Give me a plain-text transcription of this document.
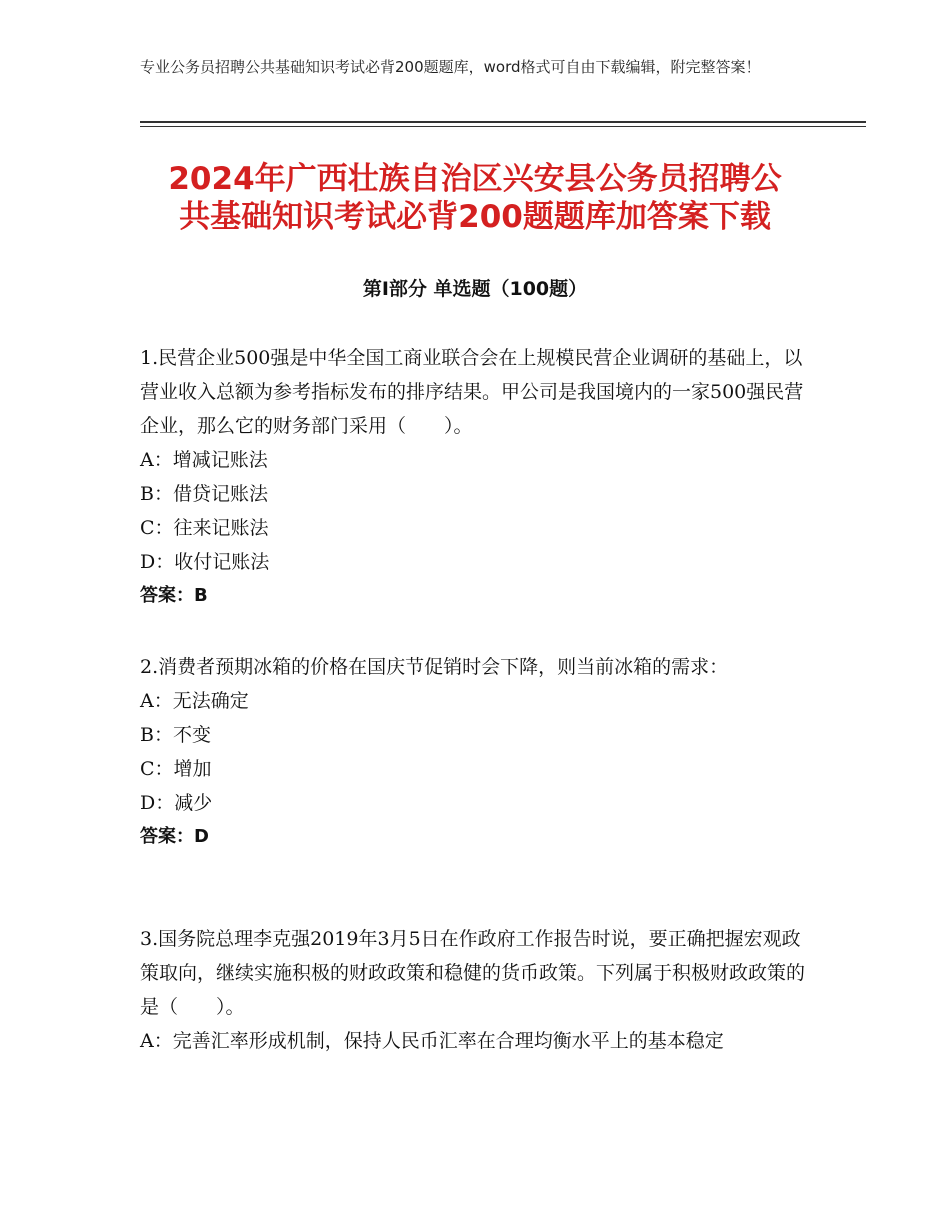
专业公务员招聘公共基础知识考试必背200题题库，word格式可自由下载编辑，附完整答案！
2024年广西壮族自治区兴安县公务员招聘公
共基础知识考试必背200题题库加答案下载
第Ⅰ部分 单选题（100题）

1.民营企业500强是中华全国工商业联合会在上规模民营企业调研的基础上，以营业收入总额为参考指标发布的排序结果。甲公司是我国境内的一家500强民营企业，那么它的财务部门采用（　　）。

A：增减记账法

B：借贷记账法

C：往来记账法

D：收付记账法

答案：B

2.消费者预期冰箱的价格在国庆节促销时会下降，则当前冰箱的需求：

A：无法确定

B：不变

C：增加

D：减少

答案：D

3.国务院总理李克强2019年3月5日在作政府工作报告时说，要正确把握宏观政策取向，继续实施积极的财政政策和稳健的货币政策。下列属于积极财政政策的是（　　）。

A：完善汇率形成机制，保持人民币汇率在合理均衡水平上的基本稳定
